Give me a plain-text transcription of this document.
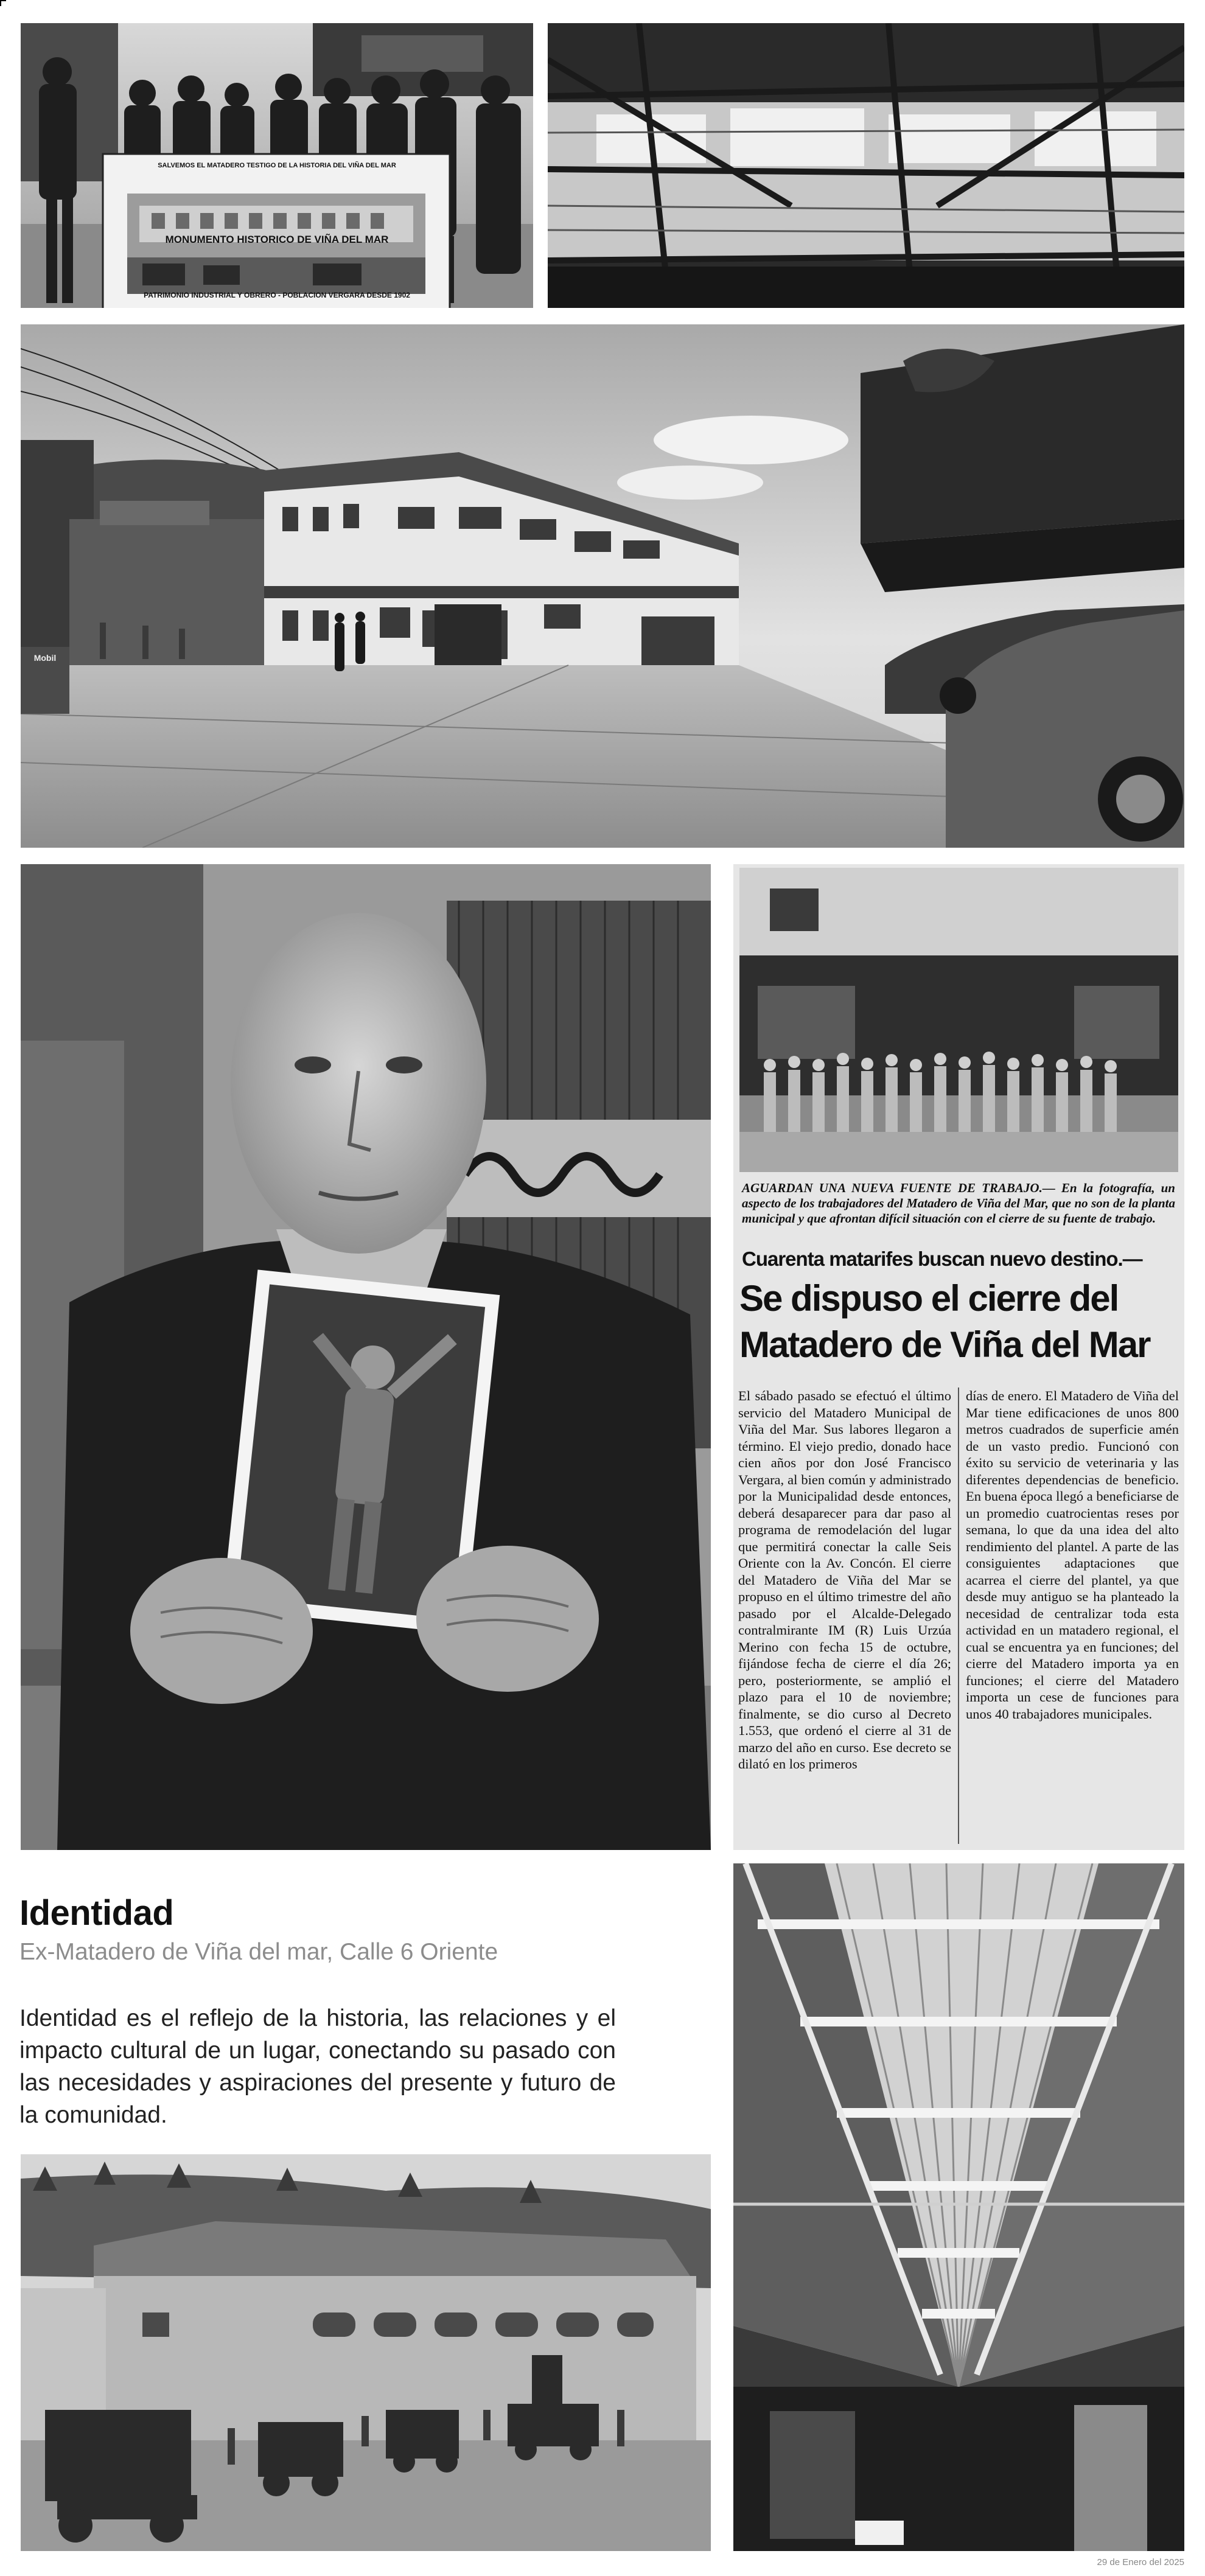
SALVEMOS EL MATADERO TESTIGO DE LA HISTORIA DEL VIÑA DEL MAR
MONUMENTO HISTORICO DE VIÑA DEL MAR
PATRIMONIO INDUSTRIAL Y OBRERO - POBLACION VERGARA DESDE 1902
Mobil
AGUARDAN UNA NUEVA FUENTE DE TRABAJO.— En la fotografía, un aspecto de los trabajadores del Matadero de Viña del Mar, que no son de la planta municipal y que afrontan difícil situación con el cierre de su fuente de trabajo.
Cuarenta matarifes buscan nuevo destino.—
Se dispuso el cierre del Matadero de Viña del Mar
El sábado pasado se efectuó el último servicio del Matadero Municipal de Viña del Mar. Sus labores llegaron a término. El viejo predio, donado hace cien años por don José Francisco Vergara, al bien común y administrado por la Municipalidad desde entonces, deberá desaparecer para dar paso al programa de remodelación del lugar que permitirá conectar la calle Seis Oriente con la Av. Concón. El cierre del Matadero de Viña del Mar se propuso en el último trimestre del año pasado por el Alcalde-Delegado contralmirante IM (R) Luis Urzúa Merino con fecha 15 de octubre, fijándose fecha de cierre el día 26; pero, posteriormente, se amplió el plazo para el 10 de noviembre; finalmente, se dio curso al Decreto 1.553, que ordenó el cierre al 31 de marzo del año en curso. Ese decreto se dilató en los primeros
días de enero. El Matadero de Viña del Mar tiene edificaciones de unos 800 metros cuadrados de superficie amén de un vasto predio. Funcionó con éxito su servicio de veterinaria y las diferentes dependencias de beneficio. En buena época llegó a beneficiarse de un promedio cuatrocientas reses por semana, lo que da una idea del alto rendimiento del plantel. A parte de las consiguientes adaptaciones que acarrea el cierre del plantel, ya que desde muy antiguo se ha planteado la necesidad de centralizar toda esta actividad en un matadero regional, el cual se encuentra ya en funciones; del cierre del Matadero importa ya en funciones; el cierre del Matadero importa un cese de funciones para unos 40 trabajadores municipales.
Identidad
Ex-Matadero de Viña del mar, Calle 6 Oriente
Identidad es el reflejo de la historia, las relaciones y el impacto cultural de un lugar, conectando su pasado con las necesidades y aspiraciones del presente y futuro de la comunidad.
29 de Enero del 2025
